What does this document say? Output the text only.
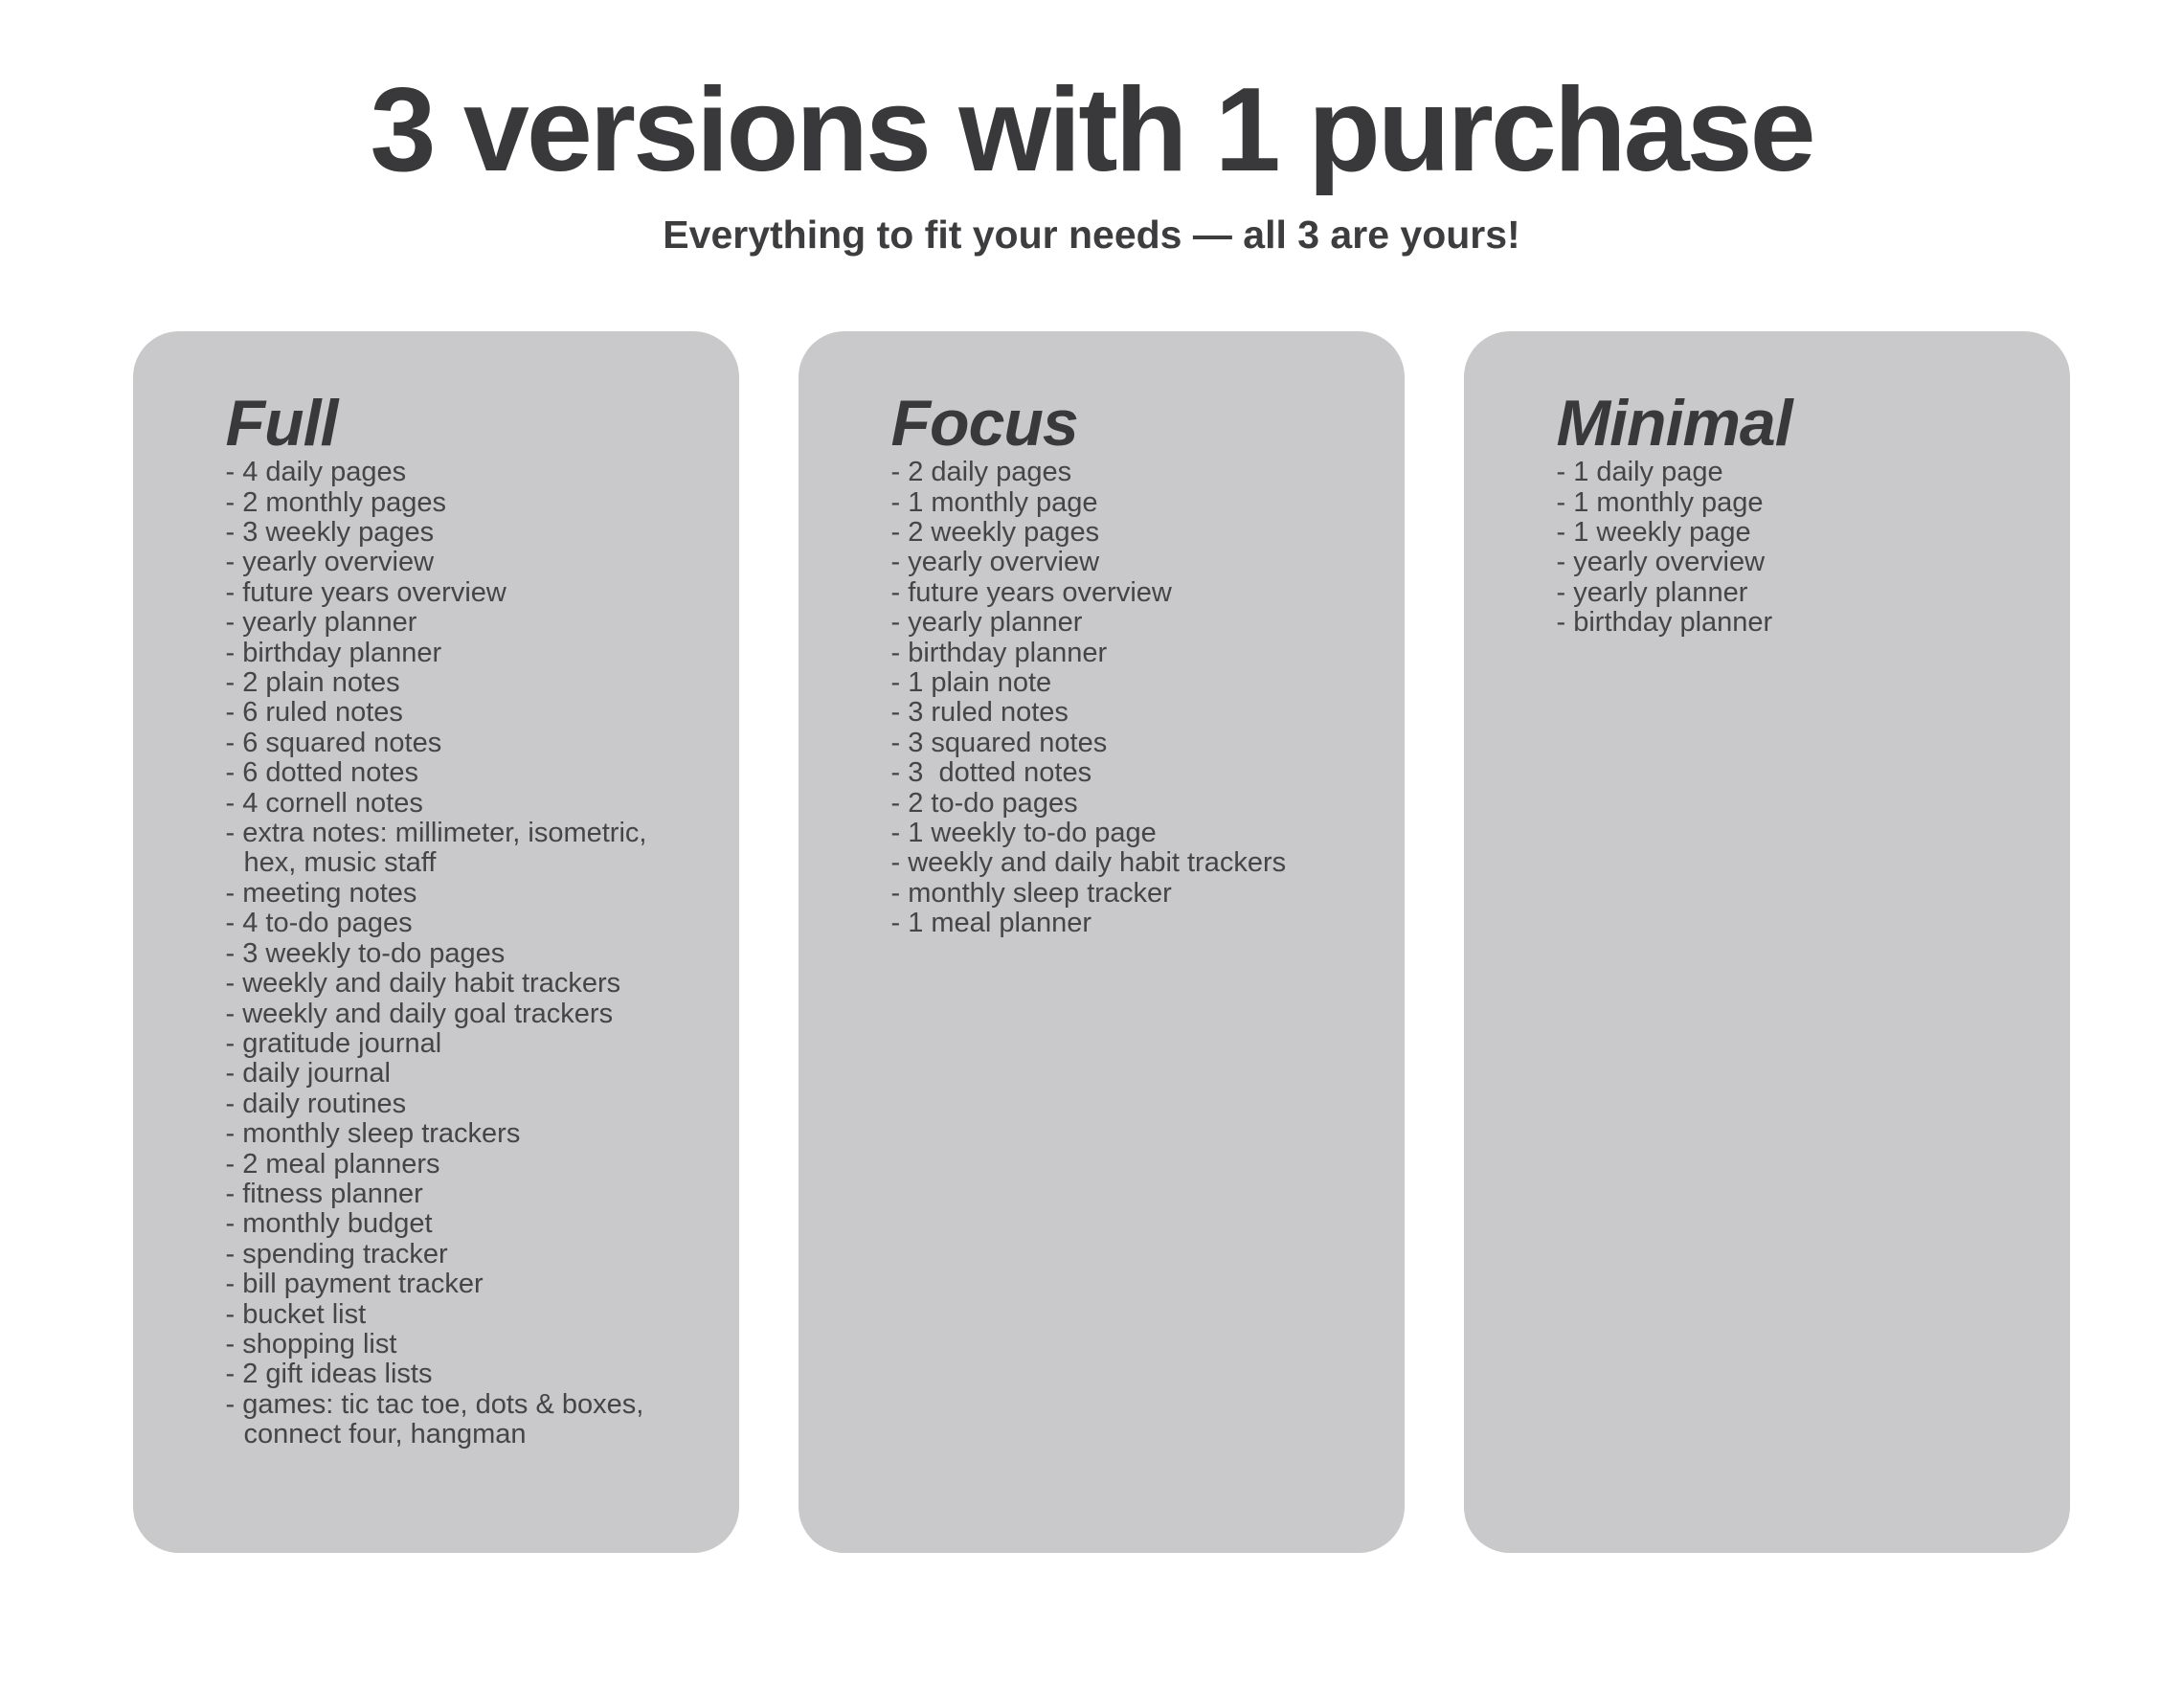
3 versions with 1 purchase

Everything to fit your needs — all 3 are yours!

Full
- 4 daily pages
- 2 monthly pages
- 3 weekly pages
- yearly overview
- future years overview
- yearly planner
- birthday planner
- 2 plain notes
- 6 ruled notes
- 6 squared notes
- 6 dotted notes
- 4 cornell notes
- extra notes: millimeter, isometric, hex, music staff
- meeting notes
- 4 to-do pages
- 3 weekly to-do pages
- weekly and daily habit trackers
- weekly and daily goal trackers
- gratitude journal
- daily journal
- daily routines
- monthly sleep trackers
- 2 meal planners
- fitness planner
- monthly budget
- spending tracker
- bill payment tracker
- bucket list
- shopping list
- 2 gift ideas lists
- games: tic tac toe, dots & boxes, connect four, hangman
Focus
- 2 daily pages
- 1 monthly page
- 2 weekly pages
- yearly overview
- future years overview
- yearly planner
- birthday planner
- 1 plain note
- 3 ruled notes
- 3 squared notes
- 3  dotted notes
- 2 to-do pages
- 1 weekly to-do page
- weekly and daily habit trackers
- monthly sleep tracker
- 1 meal planner
Minimal
- 1 daily page
- 1 monthly page
- 1 weekly page
- yearly overview
- yearly planner
- birthday planner
